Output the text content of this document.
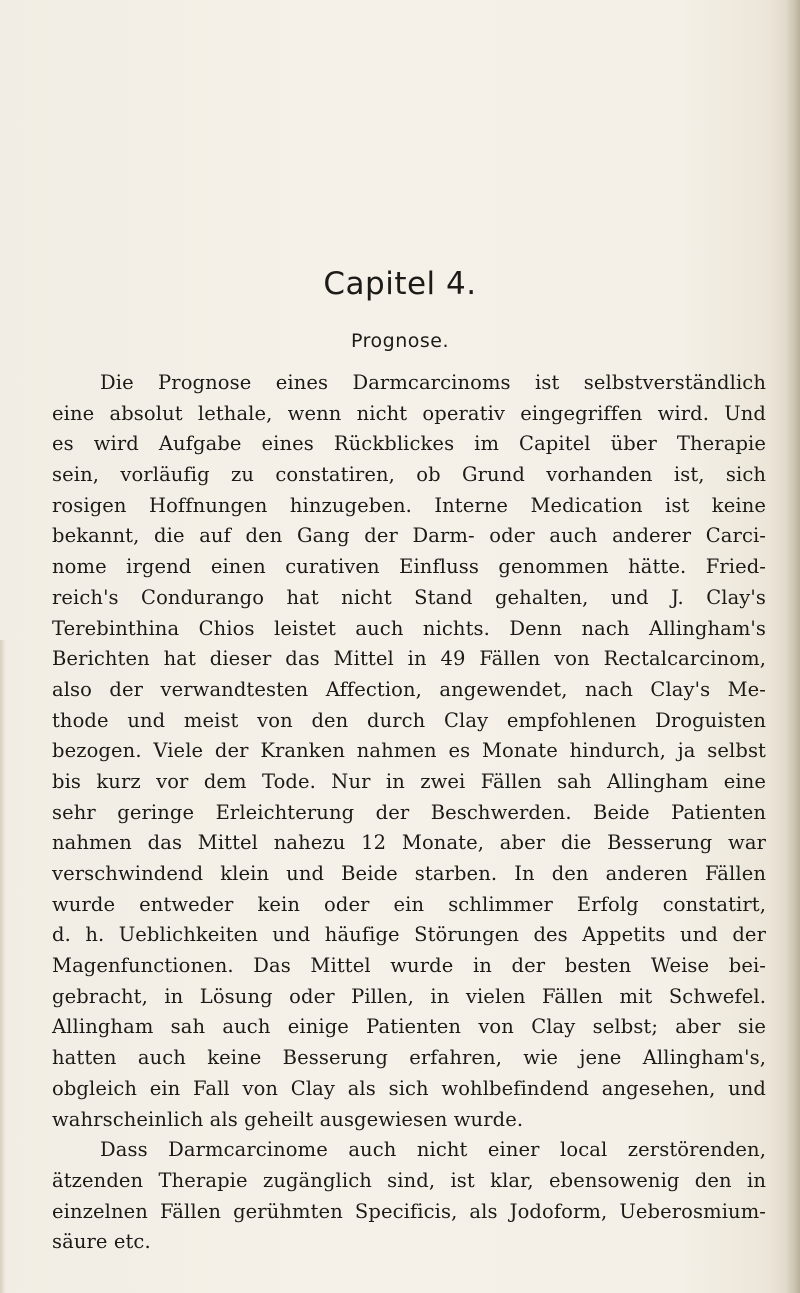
Capitel 4.
Prognose.
Die Prognose eines Darmcarcinoms ist selbstverständlich
eine absolut lethale, wenn nicht operativ eingegriffen wird. Und
es wird Aufgabe eines Rückblickes im Capitel über Therapie
sein, vorläufig zu constatiren, ob Grund vorhanden ist, sich
rosigen Hoffnungen hinzugeben. Interne Medication ist keine
bekannt, die auf den Gang der Darm- oder auch anderer Carci-
nome irgend einen curativen Einfluss genommen hätte. Fried-
reich's Condurango hat nicht Stand gehalten, und J. Clay's
Terebinthina Chios leistet auch nichts. Denn nach Allingham's
Berichten hat dieser das Mittel in 49 Fällen von Rectalcarcinom,
also der verwandtesten Affection, angewendet, nach Clay's Me-
thode und meist von den durch Clay empfohlenen Droguisten
bezogen. Viele der Kranken nahmen es Monate hindurch, ja selbst
bis kurz vor dem Tode. Nur in zwei Fällen sah Allingham eine
sehr geringe Erleichterung der Beschwerden. Beide Patienten
nahmen das Mittel nahezu 12 Monate, aber die Besserung war
verschwindend klein und Beide starben. In den anderen Fällen
wurde entweder kein oder ein schlimmer Erfolg constatirt,
d. h. Ueblichkeiten und häufige Störungen des Appetits und der
Magenfunctionen. Das Mittel wurde in der besten Weise bei-
gebracht, in Lösung oder Pillen, in vielen Fällen mit Schwefel.
Allingham sah auch einige Patienten von Clay selbst; aber sie
hatten auch keine Besserung erfahren, wie jene Allingham's,
obgleich ein Fall von Clay als sich wohlbefindend angesehen, und
wahrscheinlich als geheilt ausgewiesen wurde.
Dass Darmcarcinome auch nicht einer local zerstörenden,
ätzenden Therapie zugänglich sind, ist klar, ebensowenig den in
einzelnen Fällen gerühmten Specificis, als Jodoform, Ueberosmium-
säure etc.
